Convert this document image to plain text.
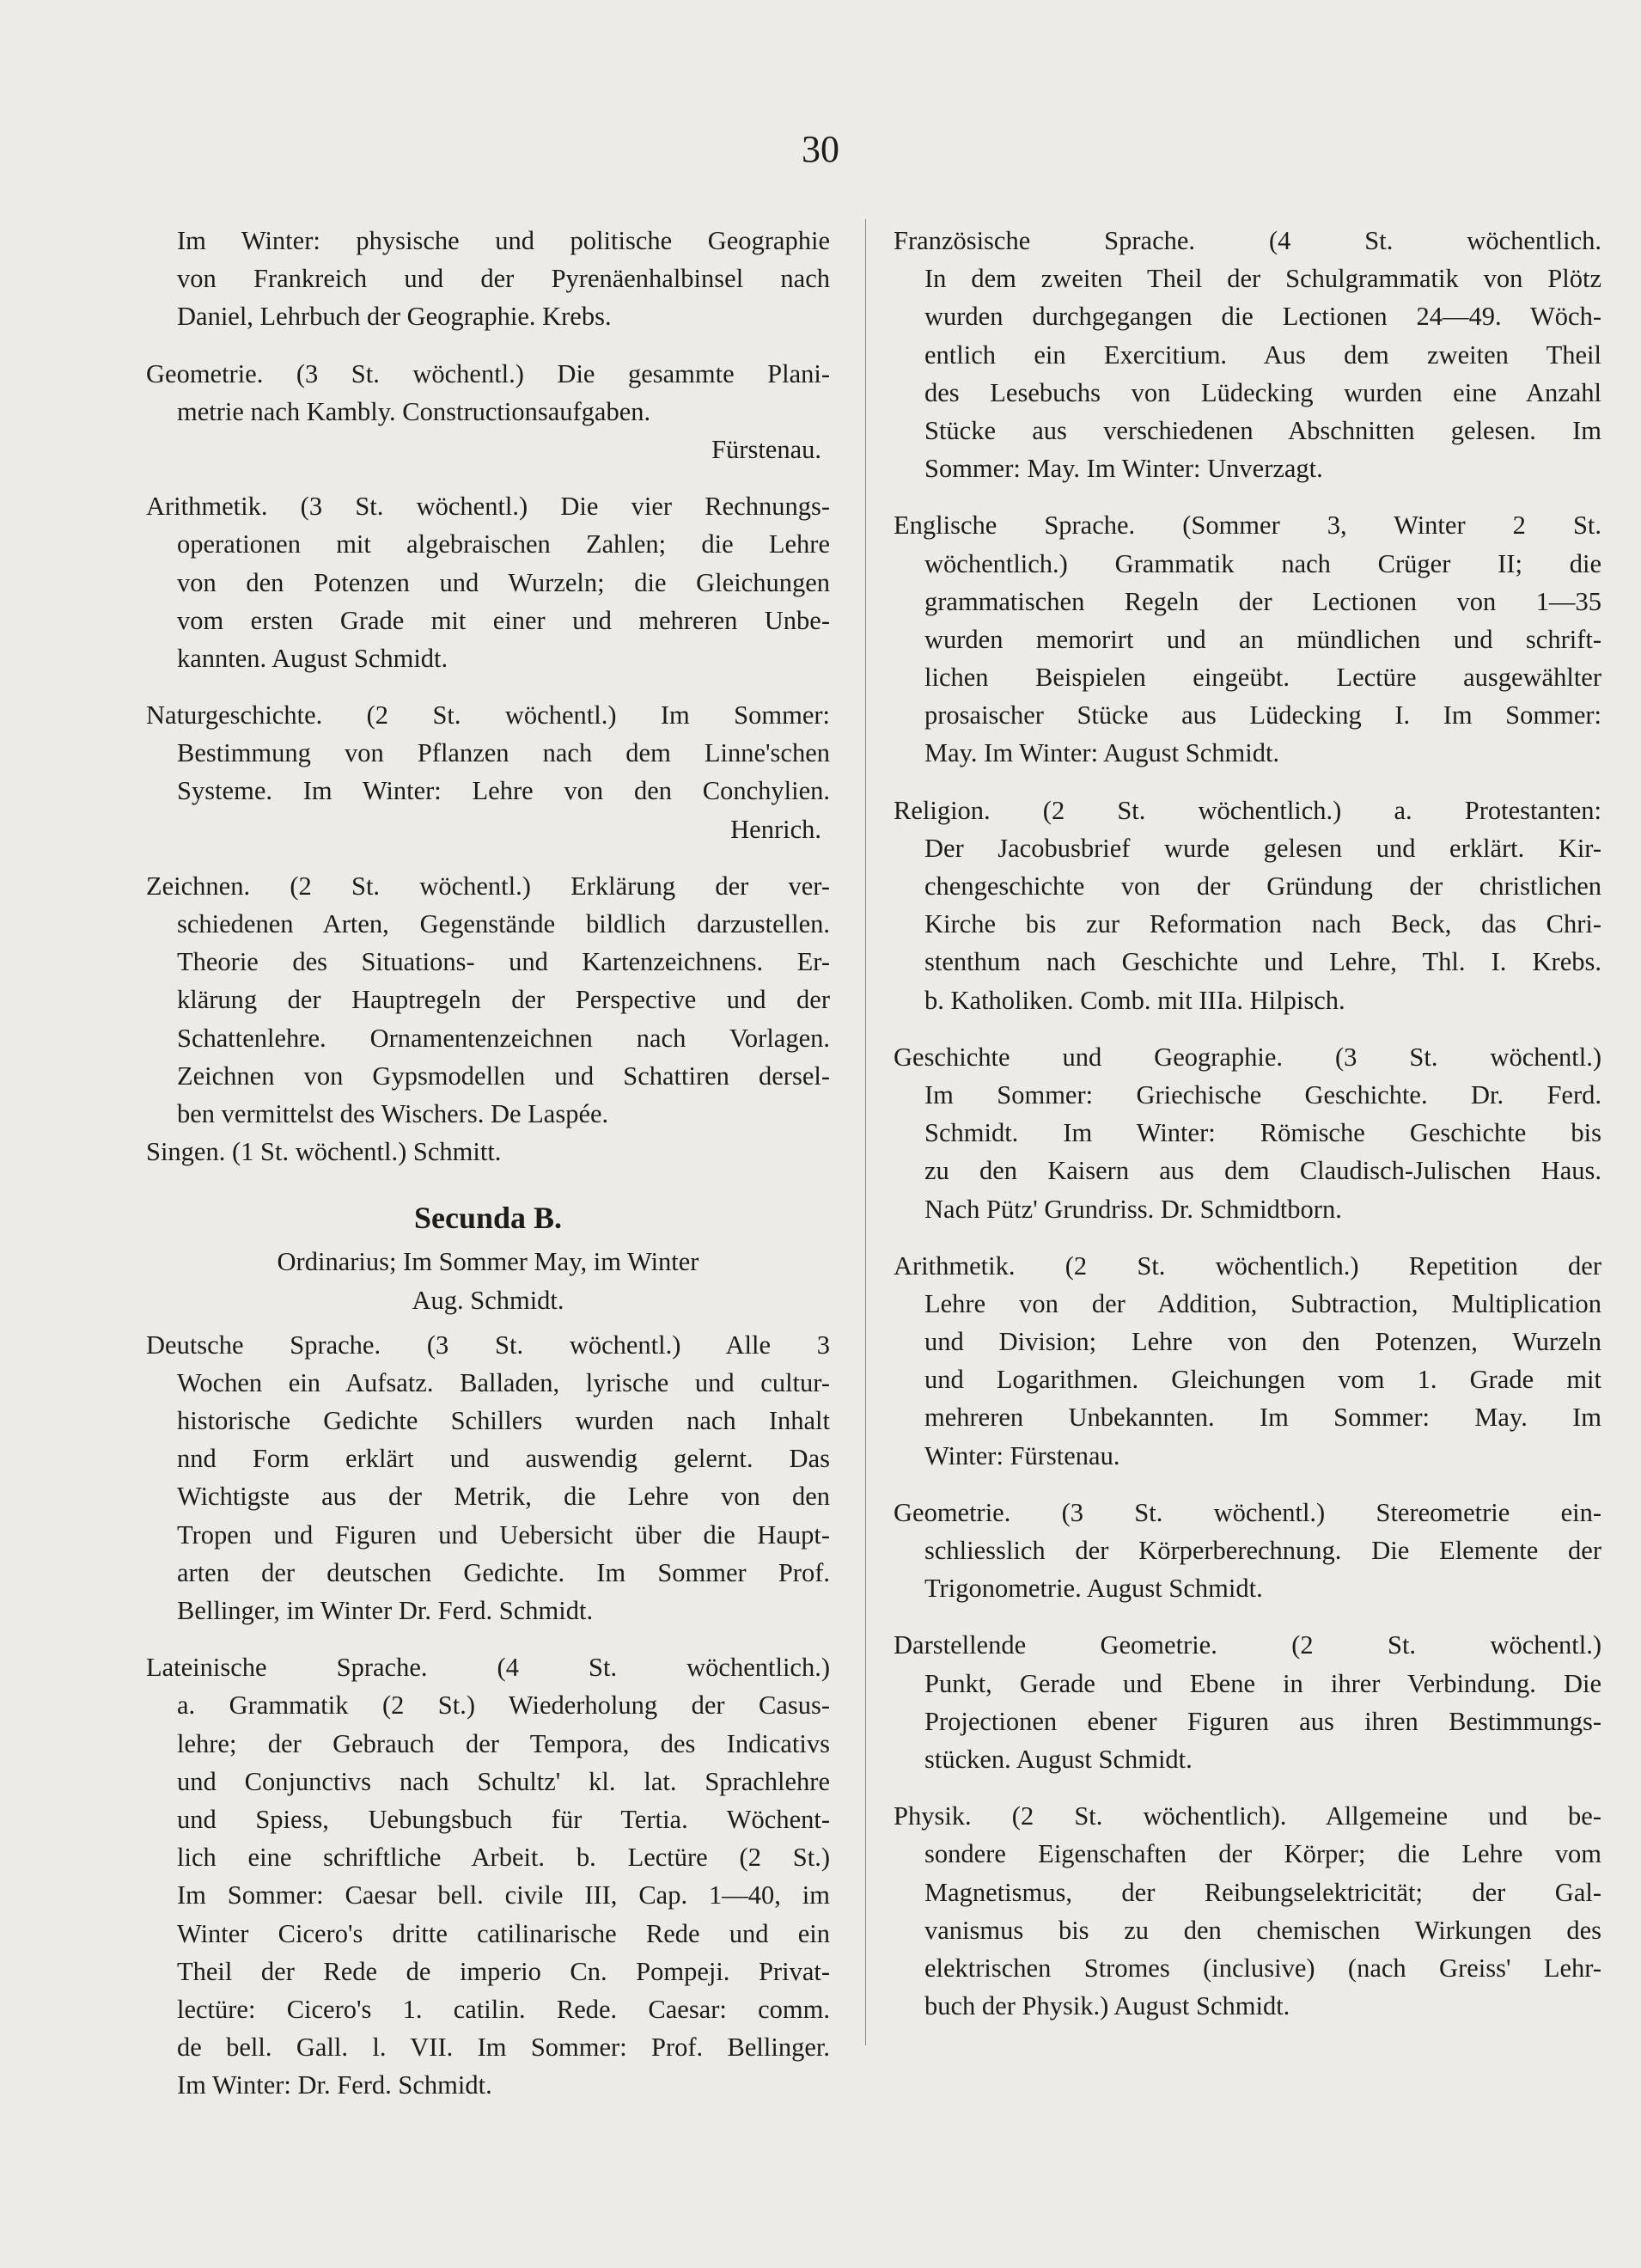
30
Im Winter: physische und politische Geographie
von Frankreich und der Pyrenäenhalbinsel nach
Daniel, Lehrbuch der Geographie. Krebs.
Geometrie. (3 St. wöchentl.) Die gesammte Plani-
metrie nach Kambly. Constructionsaufgaben.
Fürstenau.
Arithmetik. (3 St. wöchentl.) Die vier Rechnungs-
operationen mit algebraischen Zahlen; die Lehre
von den Potenzen und Wurzeln; die Gleichungen
vom ersten Grade mit einer und mehreren Unbe-
kannten. August Schmidt.
Naturgeschichte. (2 St. wöchentl.) Im Sommer:
Bestimmung von Pflanzen nach dem Linne'schen
Systeme. Im Winter: Lehre von den Conchylien.
Henrich.
Zeichnen. (2 St. wöchentl.) Erklärung der ver-
schiedenen Arten, Gegenstände bildlich darzustellen.
Theorie des Situations- und Kartenzeichnens. Er-
klärung der Hauptregeln der Perspective und der
Schattenlehre. Ornamentenzeichnen nach Vorlagen.
Zeichnen von Gypsmodellen und Schattiren dersel-
ben vermittelst des Wischers. De Laspée.
Singen. (1 St. wöchentl.) Schmitt.
Secunda B.
Ordinarius; Im Sommer May, im Winter
Aug. Schmidt.
Deutsche Sprache. (3 St. wöchentl.) Alle 3
Wochen ein Aufsatz. Balladen, lyrische und cultur-
historische Gedichte Schillers wurden nach Inhalt
nnd Form erklärt und auswendig gelernt. Das
Wichtigste aus der Metrik, die Lehre von den
Tropen und Figuren und Uebersicht über die Haupt-
arten der deutschen Gedichte. Im Sommer Prof.
Bellinger, im Winter Dr. Ferd. Schmidt.
Lateinische Sprache. (4 St. wöchentlich.)
a. Grammatik (2 St.) Wiederholung der Casus-
lehre; der Gebrauch der Tempora, des Indicativs
und Conjunctivs nach Schultz' kl. lat. Sprachlehre
und Spiess, Uebungsbuch für Tertia. Wöchent-
lich eine schriftliche Arbeit. b. Lectüre (2 St.)
Im Sommer: Caesar bell. civile III, Cap. 1—40, im
Winter Cicero's dritte catilinarische Rede und ein
Theil der Rede de imperio Cn. Pompeji. Privat-
lectüre: Cicero's 1. catilin. Rede. Caesar: comm.
de bell. Gall. l. VII. Im Sommer: Prof. Bellinger.
Im Winter: Dr. Ferd. Schmidt.
Französische Sprache. (4 St. wöchentlich.
In dem zweiten Theil der Schulgrammatik von Plötz
wurden durchgegangen die Lectionen 24—49. Wöch-
entlich ein Exercitium. Aus dem zweiten Theil
des Lesebuchs von Lüdecking wurden eine Anzahl
Stücke aus verschiedenen Abschnitten gelesen. Im
Sommer: May. Im Winter: Unverzagt.
Englische Sprache. (Sommer 3, Winter 2 St.
wöchentlich.) Grammatik nach Crüger II; die
grammatischen Regeln der Lectionen von 1—35
wurden memorirt und an mündlichen und schrift-
lichen Beispielen eingeübt. Lectüre ausgewählter
prosaischer Stücke aus Lüdecking I. Im Sommer:
May. Im Winter: August Schmidt.
Religion. (2 St. wöchentlich.) a. Protestanten:
Der Jacobusbrief wurde gelesen und erklärt. Kir-
chengeschichte von der Gründung der christlichen
Kirche bis zur Reformation nach Beck, das Chri-
stenthum nach Geschichte und Lehre, Thl. I. Krebs.
b. Katholiken. Comb. mit IIIa. Hilpisch.
Geschichte und Geographie. (3 St. wöchentl.)
Im Sommer: Griechische Geschichte. Dr. Ferd.
Schmidt. Im Winter: Römische Geschichte bis
zu den Kaisern aus dem Claudisch-Julischen Haus.
Nach Pütz' Grundriss. Dr. Schmidtborn.
Arithmetik. (2 St. wöchentlich.) Repetition der
Lehre von der Addition, Subtraction, Multiplication
und Division; Lehre von den Potenzen, Wurzeln
und Logarithmen. Gleichungen vom 1. Grade mit
mehreren Unbekannten. Im Sommer: May. Im
Winter: Fürstenau.
Geometrie. (3 St. wöchentl.) Stereometrie ein-
schliesslich der Körperberechnung. Die Elemente der
Trigonometrie. August Schmidt.
Darstellende Geometrie. (2 St. wöchentl.)
Punkt, Gerade und Ebene in ihrer Verbindung. Die
Projectionen ebener Figuren aus ihren Bestimmungs-
stücken. August Schmidt.
Physik. (2 St. wöchentlich). Allgemeine und be-
sondere Eigenschaften der Körper; die Lehre vom
Magnetismus, der Reibungselektricität; der Gal-
vanismus bis zu den chemischen Wirkungen des
elektrischen Stromes (inclusive) (nach Greiss' Lehr-
buch der Physik.) August Schmidt.
